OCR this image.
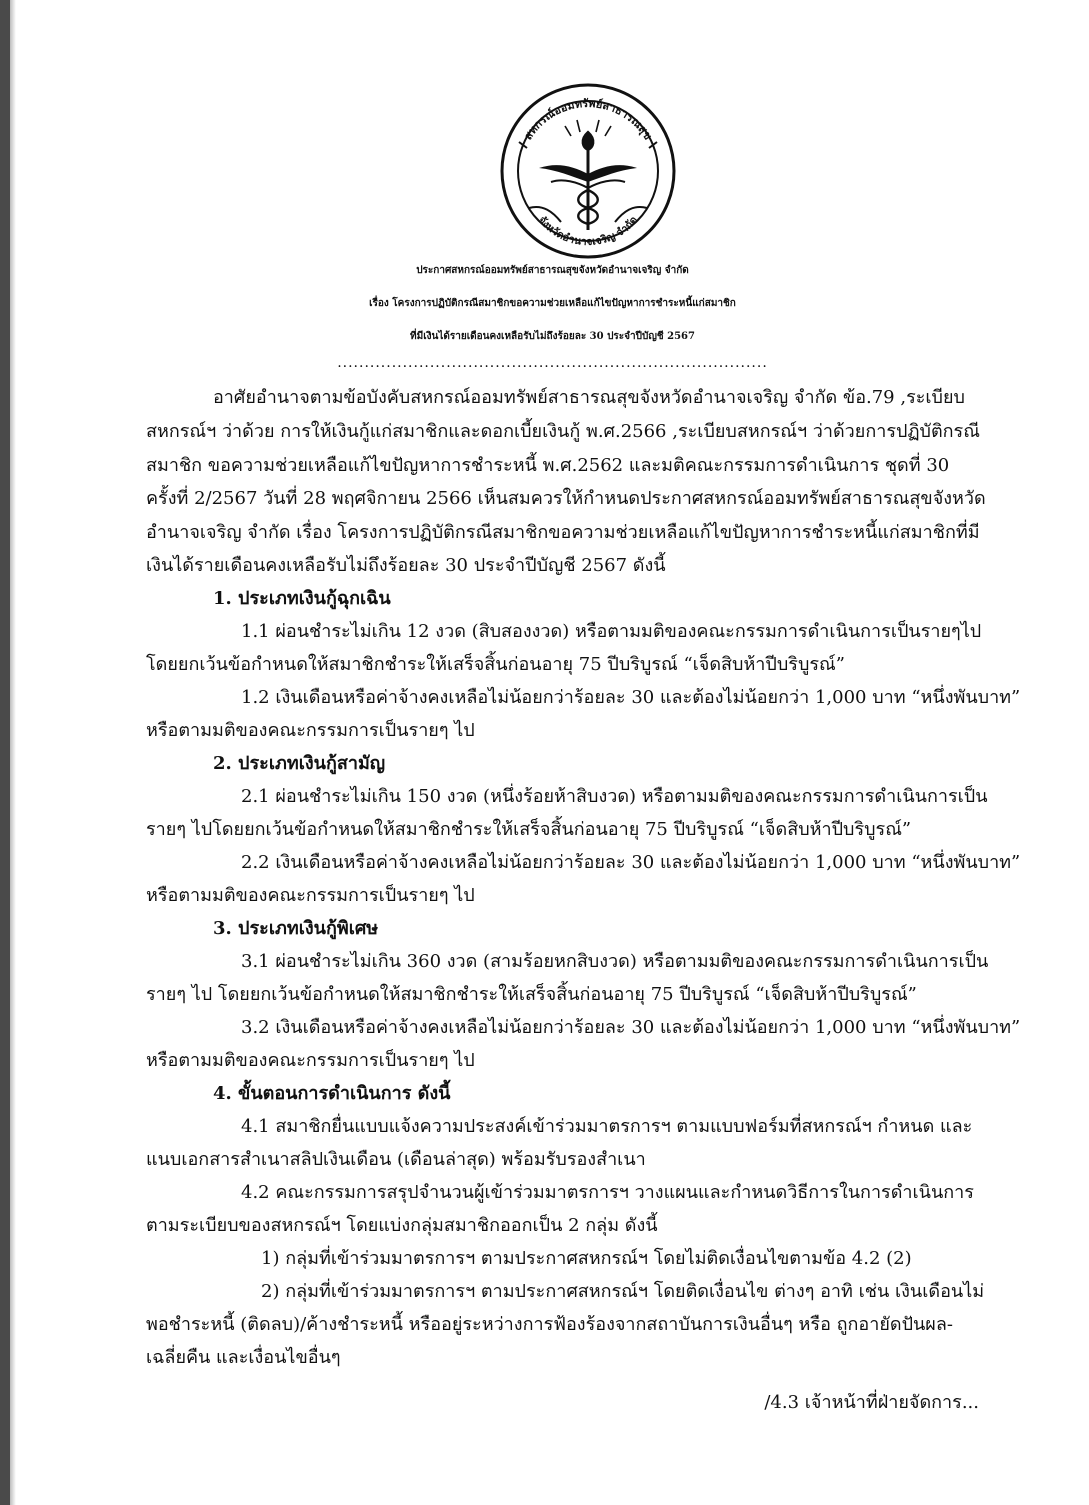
สหกรณ์ออมทรัพย์สาธารณสุข
จังหวัดอำนาจเจริญ จำกัด
ประกาศสหกรณ์ออมทรัพย์สาธารณสุขจังหวัดอำนาจเจริญ จำกัด
เรื่อง โครงการปฏิบัติกรณีสมาชิกขอความช่วยเหลือแก้ไขปัญหาการชำระหนี้แก่สมาชิก
ที่มีเงินได้รายเดือนคงเหลือรับไม่ถึงร้อยละ 30 ประจำปีบัญชี 2567
...............................................................................
อาศัยอำนาจตามข้อบังคับสหกรณ์ออมทรัพย์สาธารณสุขจังหวัดอำนาจเจริญ จำกัด ข้อ.79 ,ระเบียบ
สหกรณ์ฯ ว่าด้วย การให้เงินกู้แก่สมาชิกและดอกเบี้ยเงินกู้ พ.ศ.2566 ,ระเบียบสหกรณ์ฯ ว่าด้วยการปฏิบัติกรณี
สมาชิก ขอความช่วยเหลือแก้ไขปัญหาการชำระหนี้ พ.ศ.2562 และมติคณะกรรมการดำเนินการ ชุดที่ 30
ครั้งที่ 2/2567 วันที่ 28 พฤศจิกายน 2566 เห็นสมควรให้กำหนดประกาศสหกรณ์ออมทรัพย์สาธารณสุขจังหวัด
อำนาจเจริญ จำกัด เรื่อง โครงการปฏิบัติกรณีสมาชิกขอความช่วยเหลือแก้ไขปัญหาการชำระหนี้แก่สมาชิกที่มี
เงินได้รายเดือนคงเหลือรับไม่ถึงร้อยละ 30 ประจำปีบัญชี 2567 ดังนี้
1. ประเภทเงินกู้ฉุกเฉิน
1.1 ผ่อนชำระไม่เกิน 12 งวด (สิบสองงวด) หรือตามมติของคณะกรรมการดำเนินการเป็นรายๆไป
โดยยกเว้นข้อกำหนดให้สมาชิกชำระให้เสร็จสิ้นก่อนอายุ 75 ปีบริบูรณ์ “เจ็ดสิบห้าปีบริบูรณ์”
1.2 เงินเดือนหรือค่าจ้างคงเหลือไม่น้อยกว่าร้อยละ 30 และต้องไม่น้อยกว่า 1,000 บาท “หนึ่งพันบาท”
หรือตามมติของคณะกรรมการเป็นรายๆ ไป
2. ประเภทเงินกู้สามัญ
2.1 ผ่อนชำระไม่เกิน 150 งวด (หนึ่งร้อยห้าสิบงวด) หรือตามมติของคณะกรรมการดำเนินการเป็น
รายๆ ไปโดยยกเว้นข้อกำหนดให้สมาชิกชำระให้เสร็จสิ้นก่อนอายุ 75 ปีบริบูรณ์ “เจ็ดสิบห้าปีบริบูรณ์”
2.2 เงินเดือนหรือค่าจ้างคงเหลือไม่น้อยกว่าร้อยละ 30 และต้องไม่น้อยกว่า 1,000 บาท “หนึ่งพันบาท”
หรือตามมติของคณะกรรมการเป็นรายๆ ไป
3. ประเภทเงินกู้พิเศษ
3.1 ผ่อนชำระไม่เกิน 360 งวด (สามร้อยหกสิบงวด) หรือตามมติของคณะกรรมการดำเนินการเป็น
รายๆ ไป โดยยกเว้นข้อกำหนดให้สมาชิกชำระให้เสร็จสิ้นก่อนอายุ 75 ปีบริบูรณ์ “เจ็ดสิบห้าปีบริบูรณ์”
3.2 เงินเดือนหรือค่าจ้างคงเหลือไม่น้อยกว่าร้อยละ 30 และต้องไม่น้อยกว่า 1,000 บาท “หนึ่งพันบาท”
หรือตามมติของคณะกรรมการเป็นรายๆ ไป
4. ขั้นตอนการดำเนินการ ดังนี้
4.1 สมาชิกยื่นแบบแจ้งความประสงค์เข้าร่วมมาตรการฯ ตามแบบฟอร์มที่สหกรณ์ฯ กำหนด และ
แนบเอกสารสำเนาสลิปเงินเดือน (เดือนล่าสุด) พร้อมรับรองสำเนา
4.2 คณะกรรมการสรุปจำนวนผู้เข้าร่วมมาตรการฯ วางแผนและกำหนดวิธีการในการดำเนินการ
ตามระเบียบของสหกรณ์ฯ โดยแบ่งกลุ่มสมาชิกออกเป็น 2 กลุ่ม ดังนี้
1) กลุ่มที่เข้าร่วมมาตรการฯ ตามประกาศสหกรณ์ฯ โดยไม่ติดเงื่อนไขตามข้อ 4.2 (2)
2) กลุ่มที่เข้าร่วมมาตรการฯ ตามประกาศสหกรณ์ฯ โดยติดเงื่อนไข ต่างๆ อาทิ เช่น เงินเดือนไม่
พอชำระหนี้ (ติดลบ)/ค้างชำระหนี้ หรืออยู่ระหว่างการฟ้องร้องจากสถาบันการเงินอื่นๆ หรือ ถูกอายัดปันผล-
เฉลี่ยคืน และเงื่อนไขอื่นๆ
/4.3 เจ้าหน้าที่ฝ่ายจัดการ...
